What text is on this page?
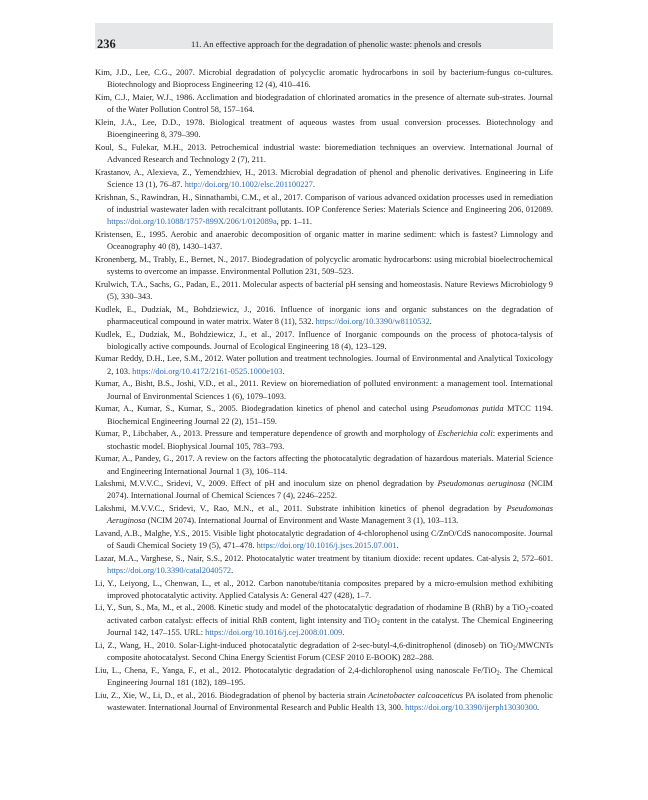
236	11. An effective approach for the degradation of phenolic waste: phenols and cresols
Kim, J.D., Lee, C.G., 2007. Microbial degradation of polycyclic aromatic hydrocarbons in soil by bacterium-fungus co-cultures. Biotechnology and Bioprocess Engineering 12 (4), 410–416.
Kim, C.J., Maier, W.J., 1986. Acclimation and biodegradation of chlorinated aromatics in the presence of alternate sub-strates. Journal of the Water Pollution Control 58, 157–164.
Klein, J.A., Lee, D.D., 1978. Biological treatment of aqueous wastes from usual conversion processes. Biotechnology and Bioengineering 8, 379–390.
Koul, S., Fulekar, M.H., 2013. Petrochemical industrial waste: bioremediation techniques an overview. International Journal of Advanced Research and Technology 2 (7), 211.
Krastanov, A., Alexieva, Z., Yemendzhiev, H., 2013. Microbial degradation of phenol and phenolic derivatives. Engineering in Life Science 13 (1), 76–87. http://doi.org/10.1002/elsc.201100227.
Krishnan, S., Rawindran, H., Sinnathambi, C.M., et al., 2017. Comparison of various advanced oxidation processes used in remediation of industrial wastewater laden with recalcitrant pollutants. IOP Conference Series: Materials Science and Engineering 206, 012089. https://doi.org/10.1088/1757-899X/206/1/012089a, pp. 1–11.
Kristensen, E., 1995. Aerobic and anaerobic decomposition of organic matter in marine sediment: which is fastest? Limnology and Oceanography 40 (8), 1430–1437.
Kronenberg, M., Trably, E., Bernet, N., 2017. Biodegradation of polycyclic aromatic hydrocarbons: using microbial bioelectrochemical systems to overcome an impasse. Environmental Pollution 231, 509–523.
Krulwich, T.A., Sachs, G., Padan, E., 2011. Molecular aspects of bacterial pH sensing and homeostasis. Nature Reviews Microbiology 9 (5), 330–343.
Kudlek, E., Dudziak, M., Bohdziewicz, J., 2016. Influence of inorganic ions and organic substances on the degradation of pharmaceutical compound in water matrix. Water 8 (11), 532. https://doi.org/10.3390/w8110532.
Kudlek, E., Dudziak, M., Bohdziewicz, J., et al., 2017. Influence of Inorganic compounds on the process of photoca-talysis of biologically active compounds. Journal of Ecological Engineering 18 (4), 123–129.
Kumar Reddy, D.H., Lee, S.M., 2012. Water pollution and treatment technologies. Journal of Environmental and Analytical Toxicology 2, 103. https://doi.org/10.4172/2161-0525.1000e103.
Kumar, A., Bisht, B.S., Joshi, V.D., et al., 2011. Review on bioremediation of polluted environment: a management tool. International Journal of Environmental Sciences 1 (6), 1079–1093.
Kumar, A., Kumar, S., Kumar, S., 2005. Biodegradation kinetics of phenol and catechol using Pseudomonas putida MTCC 1194. Biochemical Engineering Journal 22 (2), 151–159.
Kumar, P., Libchaber, A., 2013. Pressure and temperature dependence of growth and morphology of Escherichia coli: experiments and stochastic model. Biophysical Journal 105, 783–793.
Kumar, A., Pandey, G., 2017. A review on the factors affecting the photocatalytic degradation of hazardous materials. Material Science and Engineering International Journal 1 (3), 106–114.
Lakshmi, M.V.V.C., Sridevi, V., 2009. Effect of pH and inoculum size on phenol degradation by Pseudomonas aeruginosa (NCIM 2074). International Journal of Chemical Sciences 7 (4), 2246–2252.
Lakshmi, M.V.V.C., Sridevi, V., Rao, M.N., et al., 2011. Substrate inhibition kinetics of phenol degradation by Pseudomonas Aeruginosa (NCIM 2074). International Journal of Environment and Waste Management 3 (1), 103–113.
Lavand, A.B., Malghe, Y.S., 2015. Visible light photocatalytic degradation of 4-chlorophenol using C/ZnO/CdS nanocomposite. Journal of Saudi Chemical Society 19 (5), 471–478. https://doi.org/10.1016/j.jscs.2015.07.001.
Lazar, M.A., Varghese, S., Nair, S.S., 2012. Photocatalytic water treatment by titanium dioxide: recent updates. Cat-alysis 2, 572–601. https://doi.org/10.3390/catal2040572.
Li, Y., Leiyong, L., Chenwan, L., et al., 2012. Carbon nanotube/titania composites prepared by a micro-emulsion method exhibiting improved photocatalytic activity. Applied Catalysis A: General 427 (428), 1–7.
Li, Y., Sun, S., Ma, M., et al., 2008. Kinetic study and model of the photocatalytic degradation of rhodamine B (RhB) by a TiO$_2$-coated activated carbon catalyst: effects of initial RhB content, light intensity and TiO$_2$ content in the catalyst. The Chemical Engineering Journal 142, 147–155. URL: https://doi.org/10.1016/j.cej.2008.01.009.
Li, Z., Wang, H., 2010. Solar-Light-induced photocatalytic degradation of 2-sec-butyl-4,6-dinitrophenol (dinoseb) on TiO$_2$/MWCNTs composite ahotocatalyst. Second China Energy Scientist Forum (CESF 2010 E-BOOK) 282–288.
Liu, L., Chena, F., Yanga, F., et al., 2012. Photocatalytic degradation of 2,4-dichlorophenol using nanoscale Fe/TiO$_2$. The Chemical Engineering Journal 181 (182), 189–195.
Liu, Z., Xie, W., Li, D., et al., 2016. Biodegradation of phenol by bacteria strain Acinetobacter calcoaceticus PA isolated from phenolic wastewater. International Journal of Environmental Research and Public Health 13, 300. https://doi.org/10.3390/ijerph13030300.
